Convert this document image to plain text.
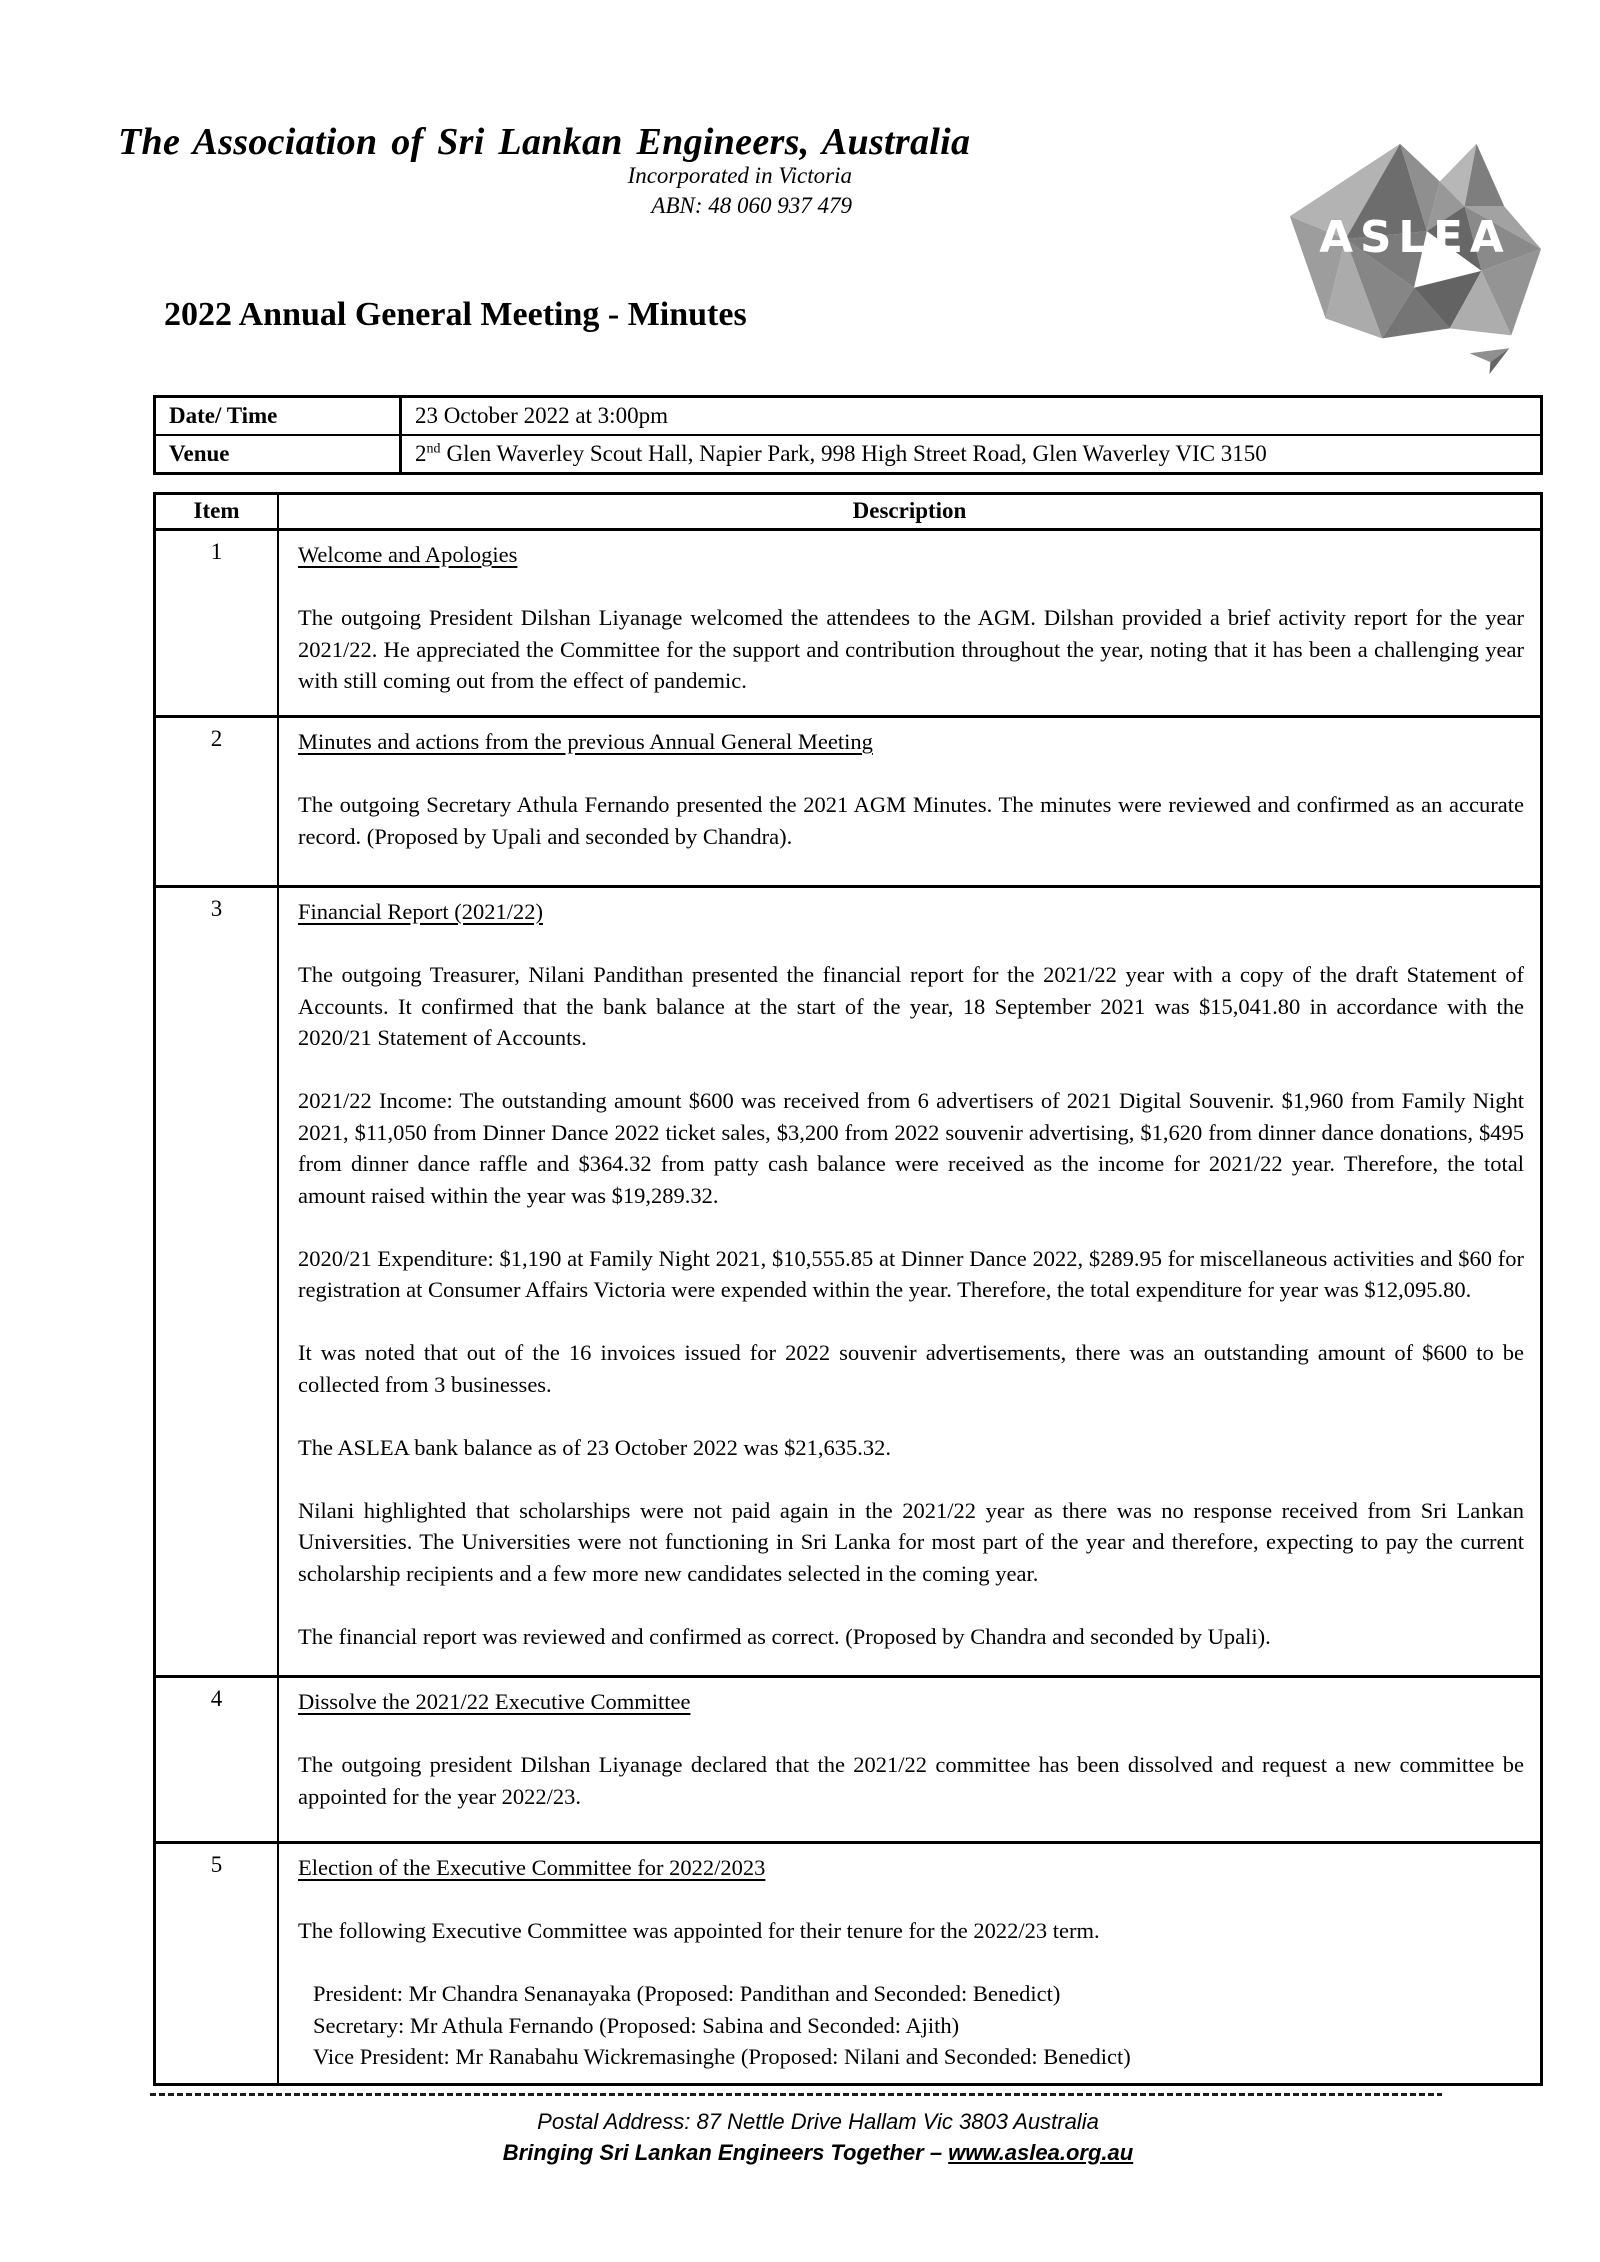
The Association of Sri Lankan Engineers, Australia
Incorporated in Victoria
ABN: 48 060 937 479
2022 Annual General Meeting - Minutes
ASLEA
Date/ Time	23 October 2022 at 3:00pm
Venue	2nd Glen Waverley Scout Hall, Napier Park, 998 High Street Road, Glen Waverley VIC 3150
Item	Description
1	Welcome and Apologies

The outgoing President Dilshan Liyanage welcomed the attendees to the AGM. Dilshan provided a brief activity report for the year 2021/22. He appreciated the Committee for the support and contribution throughout the year, noting that it has been a challenging year with still coming out from the effect of pandemic.

2	Minutes and actions from the previous Annual General Meeting

The outgoing Secretary Athula Fernando presented the 2021 AGM Minutes. The minutes were reviewed and confirmed as an accurate record. (Proposed by Upali and seconded by Chandra).

3	Financial Report (2021/22)

The outgoing Treasurer, Nilani Pandithan presented the financial report for the 2021/22 year with a copy of the draft Statement of Accounts. It confirmed that the bank balance at the start of the year, 18 September 2021 was $15,041.80 in accordance with the 2020/21 Statement of Accounts.

2021/22 Income: The outstanding amount $600 was received from 6 advertisers of 2021 Digital Souvenir. $1,960 from Family Night 2021, $11,050 from Dinner Dance 2022 ticket sales, $3,200 from 2022 souvenir advertising, $1,620 from dinner dance donations, $495 from dinner dance raffle and $364.32 from patty cash balance were received as the income for 2021/22 year. Therefore, the total amount raised within the year was $19,289.32.

2020/21 Expenditure: $1,190 at Family Night 2021, $10,555.85 at Dinner Dance 2022, $289.95 for miscellaneous activities and $60 for registration at Consumer Affairs Victoria were expended within the year. Therefore, the total expenditure for year was $12,095.80.

It was noted that out of the 16 invoices issued for 2022 souvenir advertisements, there was an outstanding amount of $600 to be collected from 3 businesses.

The ASLEA bank balance as of 23 October 2022 was $21,635.32.

Nilani highlighted that scholarships were not paid again in the 2021/22 year as there was no response received from Sri Lankan Universities. The Universities were not functioning in Sri Lanka for most part of the year and therefore, expecting to pay the current scholarship recipients and a few more new candidates selected in the coming year.

The financial report was reviewed and confirmed as correct. (Proposed by Chandra and seconded by Upali).

4	Dissolve the 2021/22 Executive Committee

The outgoing president Dilshan Liyanage declared that the 2021/22 committee has been dissolved and request a new committee be appointed for the year 2022/23.

5	Election of the Executive Committee for 2022/2023

The following Executive Committee was appointed for their tenure for the 2022/23 term.

President: Mr Chandra Senanayaka (Proposed: Pandithan and Seconded: Benedict)
Secretary: Mr Athula Fernando (Proposed: Sabina and Seconded: Ajith)
Vice President: Mr Ranabahu Wickremasinghe (Proposed: Nilani and Seconded: Benedict)
Postal Address: 87 Nettle Drive Hallam Vic 3803 Australia
Bringing Sri Lankan Engineers Together – www.aslea.org.au
